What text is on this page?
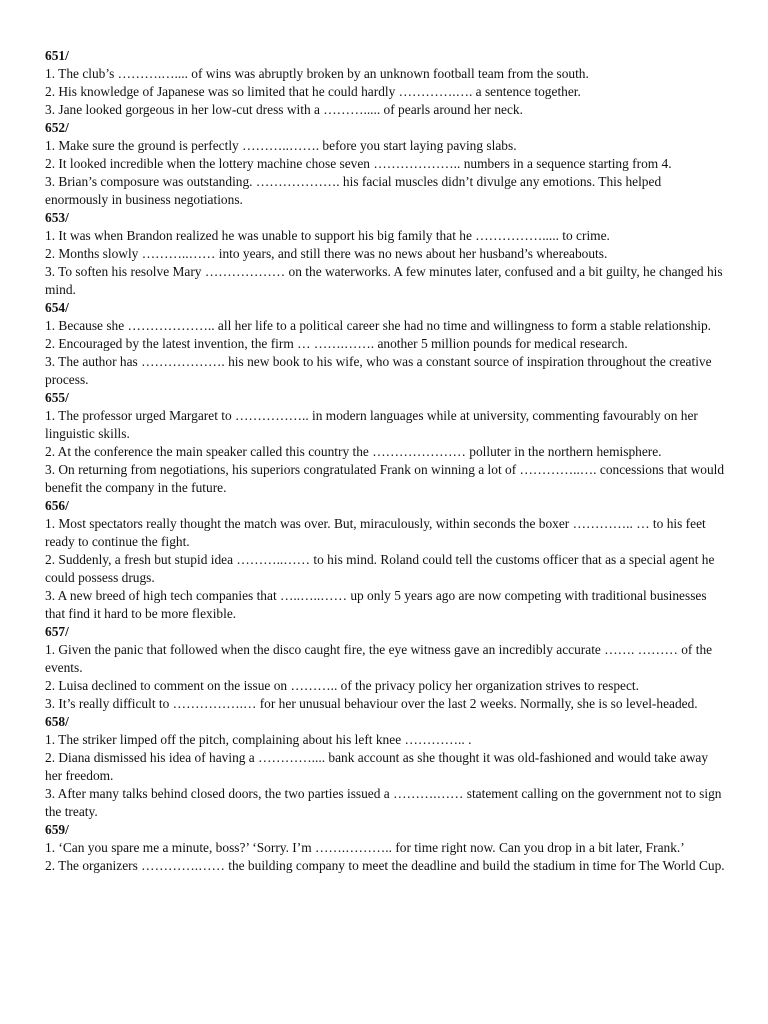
651/
1. The club’s ……….….... of wins was abruptly broken by an unknown football team from the south.
2. His knowledge of Japanese was so limited that he could hardly ………….…. a sentence together.
3. Jane looked gorgeous in her low-cut dress with a ………..... of pearls around her neck.
652/
1. Make sure the ground is perfectly ………..……. before you start laying paving slabs.
2. It looked incredible when the lottery machine chose seven ……………….. numbers in a sequence starting from 4.
3. Brian’s composure was outstanding. ………………. his facial muscles didn’t divulge any emotions. This helped enormously in business negotiations.
653/
1. It was when Brandon realized he was unable to support his big family that he ……………..... to crime.
2. Months slowly ………..…… into years, and still there was no news about her husband’s whereabouts.
3. To soften his resolve Mary ……………… on the waterworks. A few minutes later, confused and a bit guilty, he changed his mind.
654/
1. Because she ……………….. all her life to a political career she had no time and willingness to form a stable relationship.
2. Encouraged by the latest invention, the firm … …….……. another 5 million pounds for medical research.
3. The author has ………………. his new book to his wife, who was a constant source of inspiration throughout the creative process.
655/
1. The professor urged Margaret to …………….. in modern languages while at university, commenting favourably on her linguistic skills.
2. At the conference the main speaker called this country the ………………… polluter in the northern hemisphere.
3. On returning from negotiations, his superiors congratulated Frank on winning a lot of …………..…. concessions that would benefit the company in the future.
656/
1. Most spectators really thought the match was over. But, miraculously, within seconds the boxer ………….. … to his feet ready to continue the fight.
2. Suddenly, a fresh but stupid idea ………..…… to his mind. Roland could tell the customs officer that as a special agent he could possess drugs.
3. A new breed of high tech companies that …..…..…… up only 5 years ago are now competing with traditional businesses that find it hard to be more flexible.
657/
1. Given the panic that followed when the disco caught fire, the eye witness gave an incredibly accurate ……. ……… of the events.
2. Luisa declined to comment on the issue on ……….. of the privacy policy her organization strives to respect.
3. It’s really difficult to …………….… for her unusual behaviour over the last 2 weeks. Normally, she is so level-headed.
658/
1. The striker limped off the pitch, complaining about his left knee ………….. .
2. Diana dismissed his idea of having a ………….... bank account as she thought it was old-fashioned and would take away her freedom.
3. After many talks behind closed doors, the two parties issued a ……….…… statement calling on the government not to sign the treaty.
659/
1. ‘Can you spare me a minute, boss?’ ‘Sorry. I’m …….……….. for time right now. Can you drop in a bit later, Frank.’
2. The organizers ………….…… the building company to meet the deadline and build the stadium in time for The World Cup.
